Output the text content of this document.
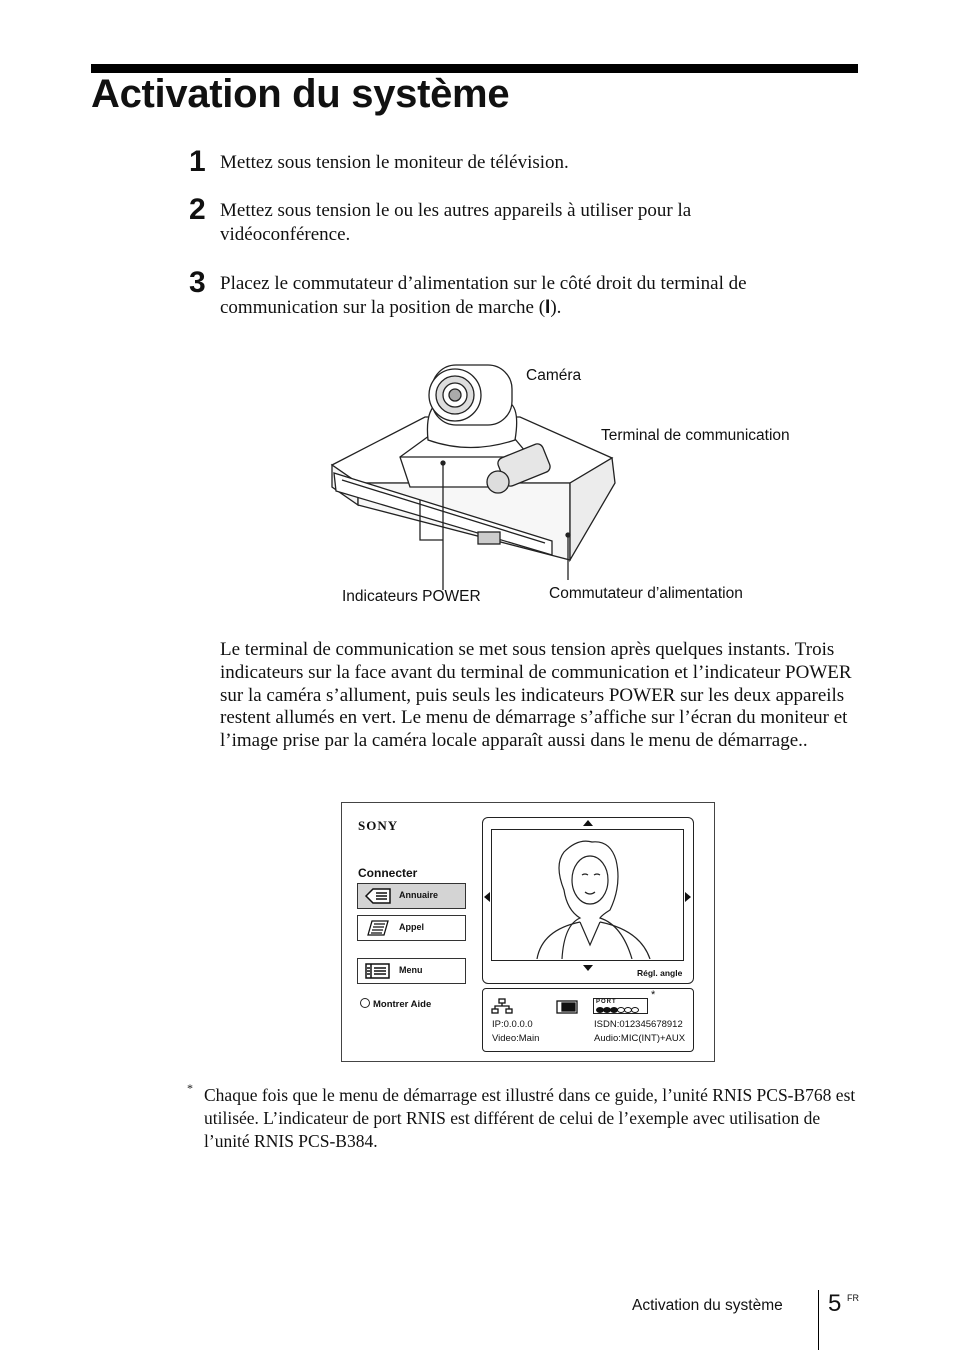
Activation du système
1 Mettez sous tension le moniteur de télévision.
2 Mettez sous tension le ou les autres appareils à utiliser pour la vidéoconférence.
3 Placez le commutateur d’alimentation sur le côté droit du terminal de communication sur la position de marche (I).
Caméra
Terminal de communication
Indicateurs POWER	Commutateur d’alimentation
Le terminal de communication se met sous tension après quelques instants. Trois indicateurs sur la face avant du terminal de communication et l’indicateur POWER sur la caméra s’allument, puis seuls les indicateurs POWER sur les deux appareils restent allumés en vert. Le menu de démarrage s’affiche sur l’écran du moniteur et l’image prise par la caméra locale apparaît aussi dans le menu de démarrage..
SONY
Connecter
Annuaire
Appel
Menu
Montrer Aide
Régl. angle
PORT
*
IP:0.0.0.0	ISDN:012345678912
Video:Main	Audio:MIC(INT)+AUX
* Chaque fois que le menu de démarrage est illustré dans ce guide, l’unité RNIS PCS-B768 est utilisée. L’indicateur de port RNIS est différent de celui de l’exemple avec utilisation de l’unité RNIS PCS-B384.
Activation du système 5 FR
